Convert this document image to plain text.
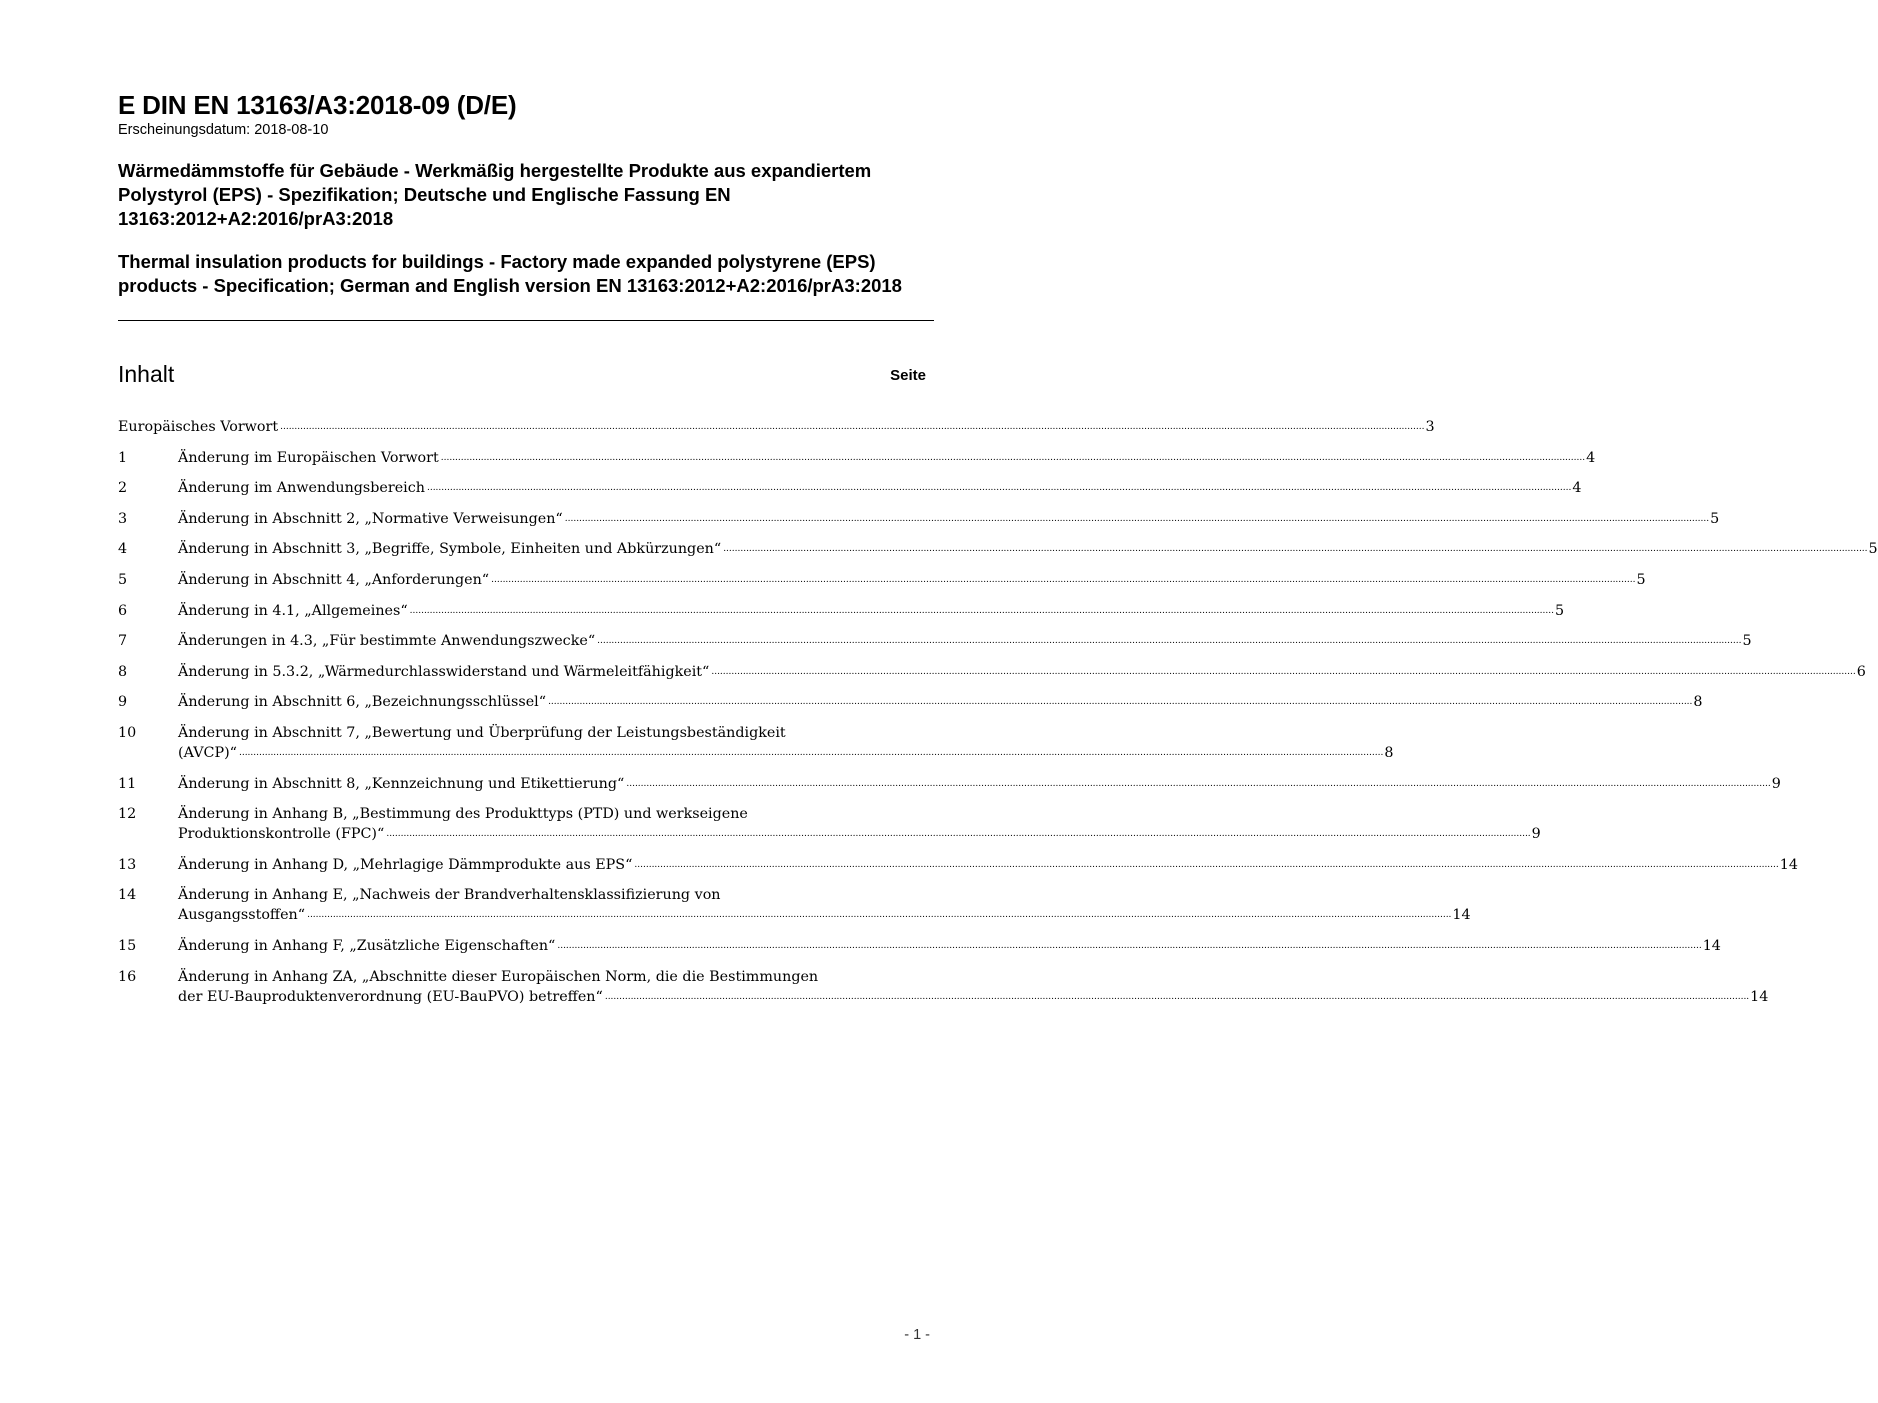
E DIN EN 13163/A3:2018-09 (D/E)
Erscheinungsdatum: 2018-08-10
Wärmedämmstoffe für Gebäude - Werkmäßig hergestellte Produkte aus expandiertem Polystyrol (EPS) - Spezifikation; Deutsche und Englische Fassung EN 13163:2012+A2:2016/prA3:2018
Thermal insulation products for buildings - Factory made expanded polystyrene (EPS) products - Specification; German and English version EN 13163:2012+A2:2016/prA3:2018
Inhalt	Seite
Europäisches Vorwort ................................................................................................................................................................................................................................................................................................................................................................................................................ 3
1	Änderung im Europäischen Vorwort ................................................................................................................................................................................................................................................................................................................................................................................................................ 4
2	Änderung im Anwendungsbereich ................................................................................................................................................................................................................................................................................................................................................................................................................ 4
3	Änderung in Abschnitt 2, „Normative Verweisungen“ ................................................................................................................................................................................................................................................................................................................................................................................................................ 5
4	Änderung in Abschnitt 3, „Begriffe, Symbole, Einheiten und Abkürzungen“ ................................................................................................................................................................................................................................................................................................................................................................................................................ 5
5	Änderung in Abschnitt 4, „Anforderungen“ ................................................................................................................................................................................................................................................................................................................................................................................................................ 5
6	Änderung in 4.1, „Allgemeines“ ................................................................................................................................................................................................................................................................................................................................................................................................................ 5
7	Änderungen in 4.3, „Für bestimmte Anwendungszwecke“ ................................................................................................................................................................................................................................................................................................................................................................................................................ 5
8	Änderung in 5.3.2, „Wärmedurchlasswiderstand und Wärmeleitfähigkeit“ ................................................................................................................................................................................................................................................................................................................................................................................................................ 6
9	Änderung in Abschnitt 6, „Bezeichnungsschlüssel“ ................................................................................................................................................................................................................................................................................................................................................................................................................ 8
10	Änderung in Abschnitt 7, „Bewertung und Überprüfung der Leistungsbeständigkeit
(AVCP)“ ................................................................................................................................................................................................................................................................................................................................................................................................................ 8
11	Änderung in Abschnitt 8, „Kennzeichnung und Etikettierung“ ................................................................................................................................................................................................................................................................................................................................................................................................................ 9
12	Änderung in Anhang B, „Bestimmung des Produkttyps (PTD) und werkseigene
Produktionskontrolle (FPC)“ ................................................................................................................................................................................................................................................................................................................................................................................................................ 9
13	Änderung in Anhang D, „Mehrlagige Dämmprodukte aus EPS“ ................................................................................................................................................................................................................................................................................................................................................................................................................ 14
14	Änderung in Anhang E, „Nachweis der Brandverhaltensklassifizierung von
Ausgangsstoffen“ ................................................................................................................................................................................................................................................................................................................................................................................................................ 14
15	Änderung in Anhang F, „Zusätzliche Eigenschaften“ ................................................................................................................................................................................................................................................................................................................................................................................................................ 14
16	Änderung in Anhang ZA, „Abschnitte dieser Europäischen Norm, die die Bestimmungen
der EU-Bauproduktenverordnung (EU-BauPVO) betreffen“ ................................................................................................................................................................................................................................................................................................................................................................................................................ 14
- 1 -
